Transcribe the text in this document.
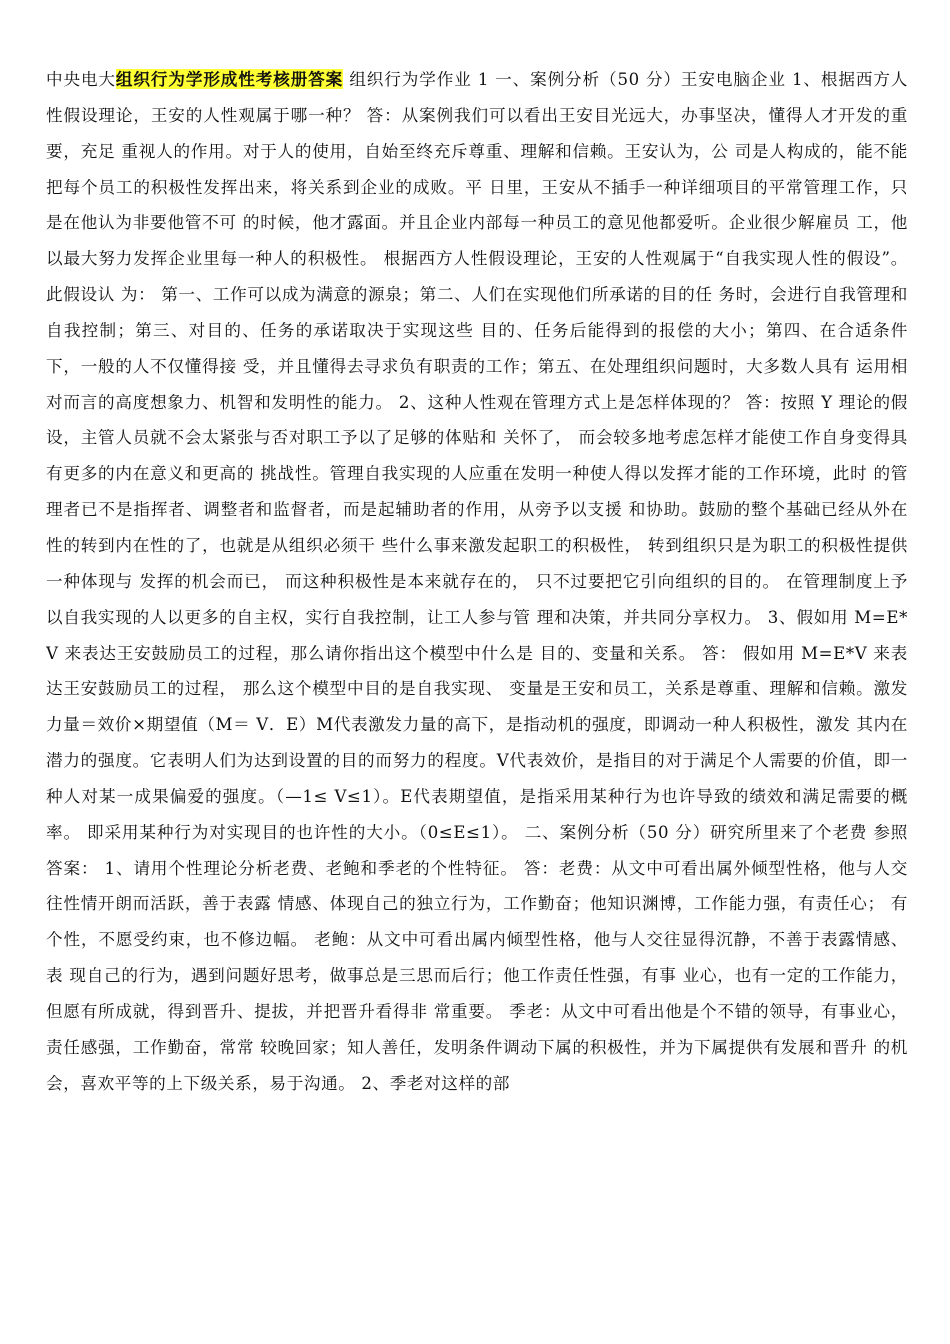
中央电大组织行为学形成性考核册答案 组织行为学作业 1 一、案例分析（50 分）王安电脑企业 1、根据西方人性假设理论，王安的人性观属于哪一种？ 答：从案例我们可以看出王安目光远大，办事坚决，懂得人才开发的重要，充足 重视人的作用。对于人的使用，自始至终充斥尊重、理解和信赖。王安认为，公 司是人构成的，能不能把每个员工的积极性发挥出来，将关系到企业的成败。平 日里，王安从不插手一种详细项目的平常管理工作，只是在他认为非要他管不可 的时候，他才露面。并且企业内部每一种员工的意见他都爱听。企业很少解雇员 工，他以最大努力发挥企业里每一种人的积极性。 根据西方人性假设理论，王安的人性观属于“自我实现人性的假设”。此假设认 为： 第一、工作可以成为满意的源泉；第二、人们在实现他们所承诺的目的任 务时，会进行自我管理和自我控制；第三、对目的、任务的承诺取决于实现这些 目的、任务后能得到的报偿的大小；第四、在合适条件下，一般的人不仅懂得接 受，并且懂得去寻求负有职责的工作；第五、在处理组织问题时，大多数人具有 运用相对而言的高度想象力、机智和发明性的能力。 2、这种人性观在管理方式上是怎样体现的？ 答：按照 Y 理论的假设，主管人员就不会太紧张与否对职工予以了足够的体贴和 关怀了， 而会较多地考虑怎样才能使工作自身变得具有更多的内在意义和更高的 挑战性。管理自我实现的人应重在发明一种使人得以发挥才能的工作环境，此时 的管理者已不是指挥者、调整者和监督者，而是起辅助者的作用，从旁予以支援 和协助。鼓励的整个基础已经从外在性的转到内在性的了，也就是从组织必须干 些什么事来激发起职工的积极性， 转到组织只是为职工的积极性提供一种体现与 发挥的机会而已， 而这种积极性是本来就存在的， 只不过要把它引向组织的目的。 在管理制度上予以自我实现的人以更多的自主权，实行自我控制，让工人参与管 理和决策，并共同分享权力。 3、假如用 M=E*V 来表达王安鼓励员工的过程，那么请你指出这个模型中什么是 目的、变量和关系。 答： 假如用 M=E*V 来表达王安鼓励员工的过程， 那么这个模型中目的是自我实现、 变量是王安和员工，关系是尊重、理解和信赖。激发力量＝效价×期望值（M＝ V．E）M代表激发力量的高下，是指动机的强度，即调动一种人积极性，激发 其内在潜力的强度。它表明人们为达到设置的目的而努力的程度。V代表效价，是指目的对于满足个人需要的价值，即一种人对某一成果偏爱的强度。（—1≤ V≤1）。E代表期望值，是指采用某种行为也许导致的绩效和满足需要的概率。 即采用某种行为对实现目的也许性的大小。（0≤E≤1）。 二、案例分析（50 分）研究所里来了个老费 参照答案： 1、请用个性理论分析老费、老鲍和季老的个性特征。 答：老费：从文中可看出属外倾型性格，他与人交往性情开朗而活跃，善于表露 情感、体现自己的独立行为，工作勤奋；他知识渊博，工作能力强，有责任心； 有个性，不愿受约束，也不修边幅。 老鲍：从文中可看出属内倾型性格，他与人交往显得沉静，不善于表露情感、表 现自己的行为，遇到问题好思考，做事总是三思而后行；他工作责任性强，有事 业心，也有一定的工作能力，但愿有所成就，得到晋升、提拔，并把晋升看得非 常重要。 季老：从文中可看出他是个不错的领导，有事业心，责任感强，工作勤奋，常常 较晚回家；知人善任，发明条件调动下属的积极性，并为下属提供有发展和晋升 的机会，喜欢平等的上下级关系，易于沟通。 2、季老对这样的部
